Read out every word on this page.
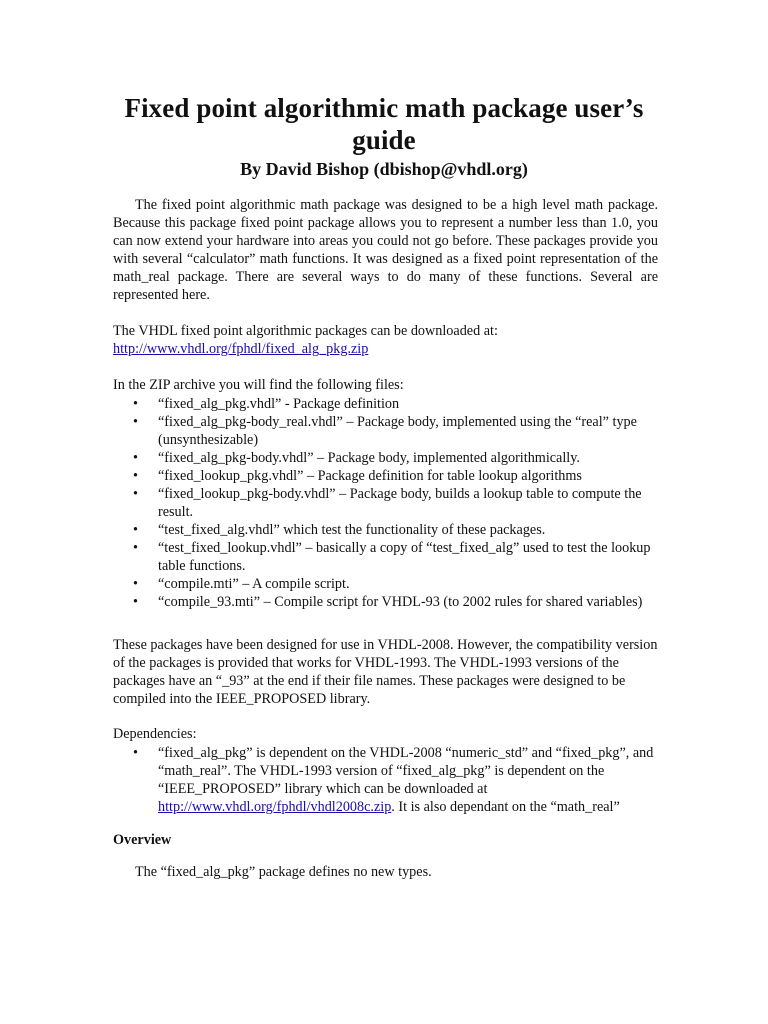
Fixed point algorithmic math package user’s guide
By David Bishop (dbishop@vhdl.org)

The fixed point algorithmic math package was designed to be a high level math package. Because this package fixed point package allows you to represent a number less than 1.0, you can now extend your hardware into areas you could not go before. These packages provide you with several “calculator” math functions. It was designed as a fixed point representation of the math_real package. There are several ways to do many of these functions. Several are represented here.

The VHDL fixed point algorithmic packages can be downloaded at:
http://www.vhdl.org/fphdl/fixed_alg_pkg.zip

In the ZIP archive you will find the following files:

• “fixed_alg_pkg.vhdl” - Package definition
• “fixed_alg_pkg-body_real.vhdl” – Package body, implemented using the “real” type (unsynthesizable)
• “fixed_alg_pkg-body.vhdl” – Package body, implemented algorithmically.
• “fixed_lookup_pkg.vhdl” – Package definition for table lookup algorithms
• “fixed_lookup_pkg-body.vhdl” – Package body, builds a lookup table to compute the result.
• “test_fixed_alg.vhdl” which test the functionality of these packages.
• “test_fixed_lookup.vhdl” – basically a copy of “test_fixed_alg” used to test the lookup table functions.
• “compile.mti” – A compile script.
• “compile_93.mti” – Compile script for VHDL-93 (to 2002 rules for shared variables)

These packages have been designed for use in VHDL-2008. However, the compatibility version of the packages is provided that works for VHDL-1993. The VHDL-1993 versions of the packages have an “_93” at the end if their file names. These packages were designed to be compiled into the IEEE_PROPOSED library.

Dependencies:

• “fixed_alg_pkg” is dependent on the VHDL-2008 “numeric_std” and “fixed_pkg”, and “math_real”. The VHDL-1993 version of “fixed_alg_pkg” is dependent on the “IEEE_PROPOSED” library which can be downloaded at http://www.vhdl.org/fphdl/vhdl2008c.zip. It is also dependant on the “math_real”

Overview

The “fixed_alg_pkg” package defines no new types.
